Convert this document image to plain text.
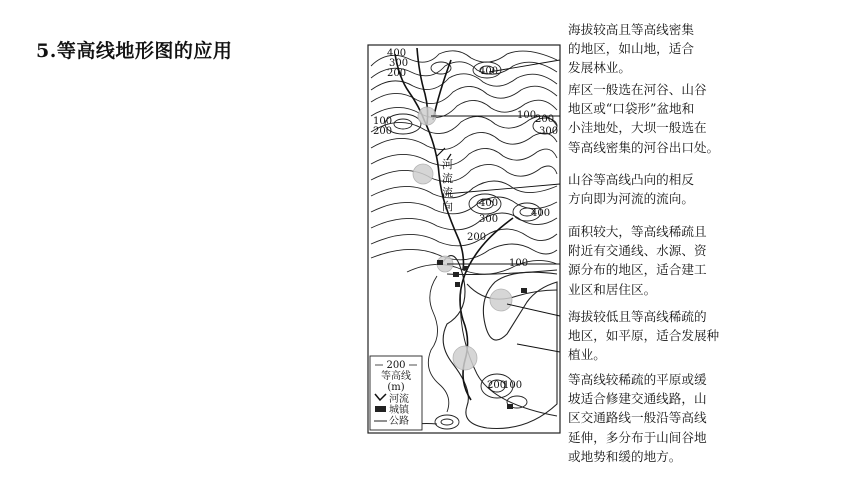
5.等高线地形图的应用	400
300
200	400
100
200
100
200
300
400
300
400
200
100
200
100
河
流
流
向
200
等高线
(m)
河流
城镇
公路
海拔较高且等高线密集
的地区，如山地，适合
发展林业。
库区一般选在河谷、山谷
地区或“口袋形”盆地和
小洼地处，大坝一般选在
等高线密集的河谷出口处。
山谷等高线凸向的相反
方向即为河流的流向。
面积较大，等高线稀疏且
附近有交通线、水源、资
源分布的地区，适合建工
业区和居住区。
海拔较低且等高线稀疏的
地区，如平原，适合发展种
植业。
等高线较稀疏的平原或缓
坡适合修建交通线路，山
区交通路线一般沿等高线
延伸，多分布于山间谷地
或地势和缓的地方。
